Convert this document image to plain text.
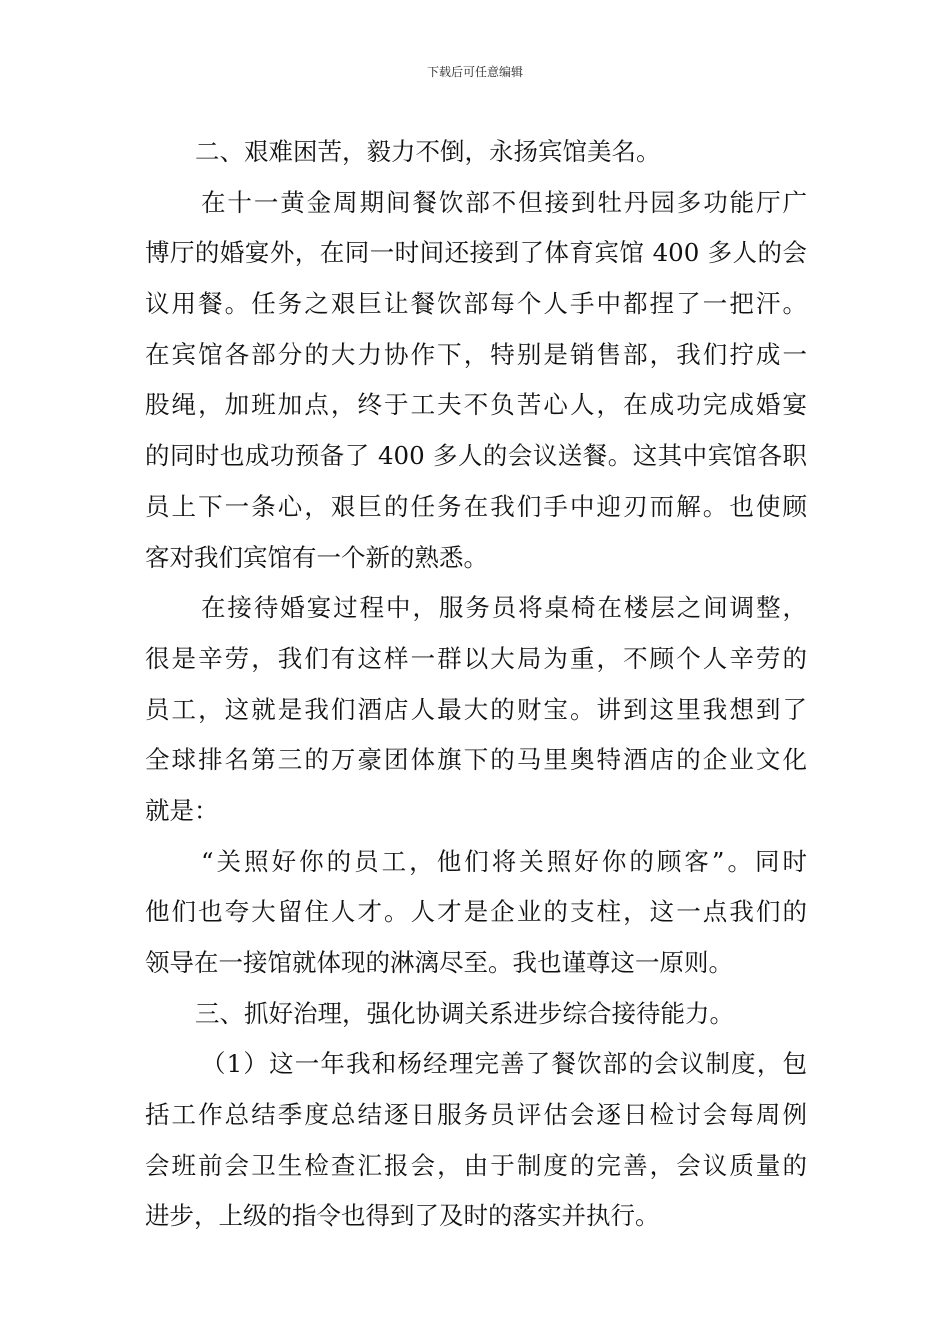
下载后可任意编辑
二、艰难困苦，毅力不倒，永扬宾馆美名。
在十一黄金周期间餐饮部不但接到牡丹园多功能厅广
博厅的婚宴外，在同一时间还接到了体育宾馆 400 多人的会
议用餐。任务之艰巨让餐饮部每个人手中都捏了一把汗。
在宾馆各部分的大力协作下，特别是销售部，我们拧成一
股绳，加班加点，终于工夫不负苦心人，在成功完成婚宴
的同时也成功预备了 400 多人的会议送餐。这其中宾馆各职
员上下一条心，艰巨的任务在我们手中迎刃而解。也使顾
客对我们宾馆有一个新的熟悉。
在接待婚宴过程中，服务员将桌椅在楼层之间调整，
很是辛劳，我们有这样一群以大局为重，不顾个人辛劳的
员工，这就是我们酒店人最大的财宝。讲到这里我想到了
全球排名第三的万豪团体旗下的马里奥特酒店的企业文化
就是：
“关照好你的员工，他们将关照好你的顾客”。同时
他们也夸大留住人才。人才是企业的支柱，这一点我们的
领导在一接馆就体现的淋漓尽至。我也谨尊这一原则。
三、抓好治理，强化协调关系进步综合接待能力。
（1）这一年我和杨经理完善了餐饮部的会议制度，包
括工作总结季度总结逐日服务员评估会逐日检讨会每周例
会班前会卫生检查汇报会，由于制度的完善，会议质量的
进步，上级的指令也得到了及时的落实并执行。
